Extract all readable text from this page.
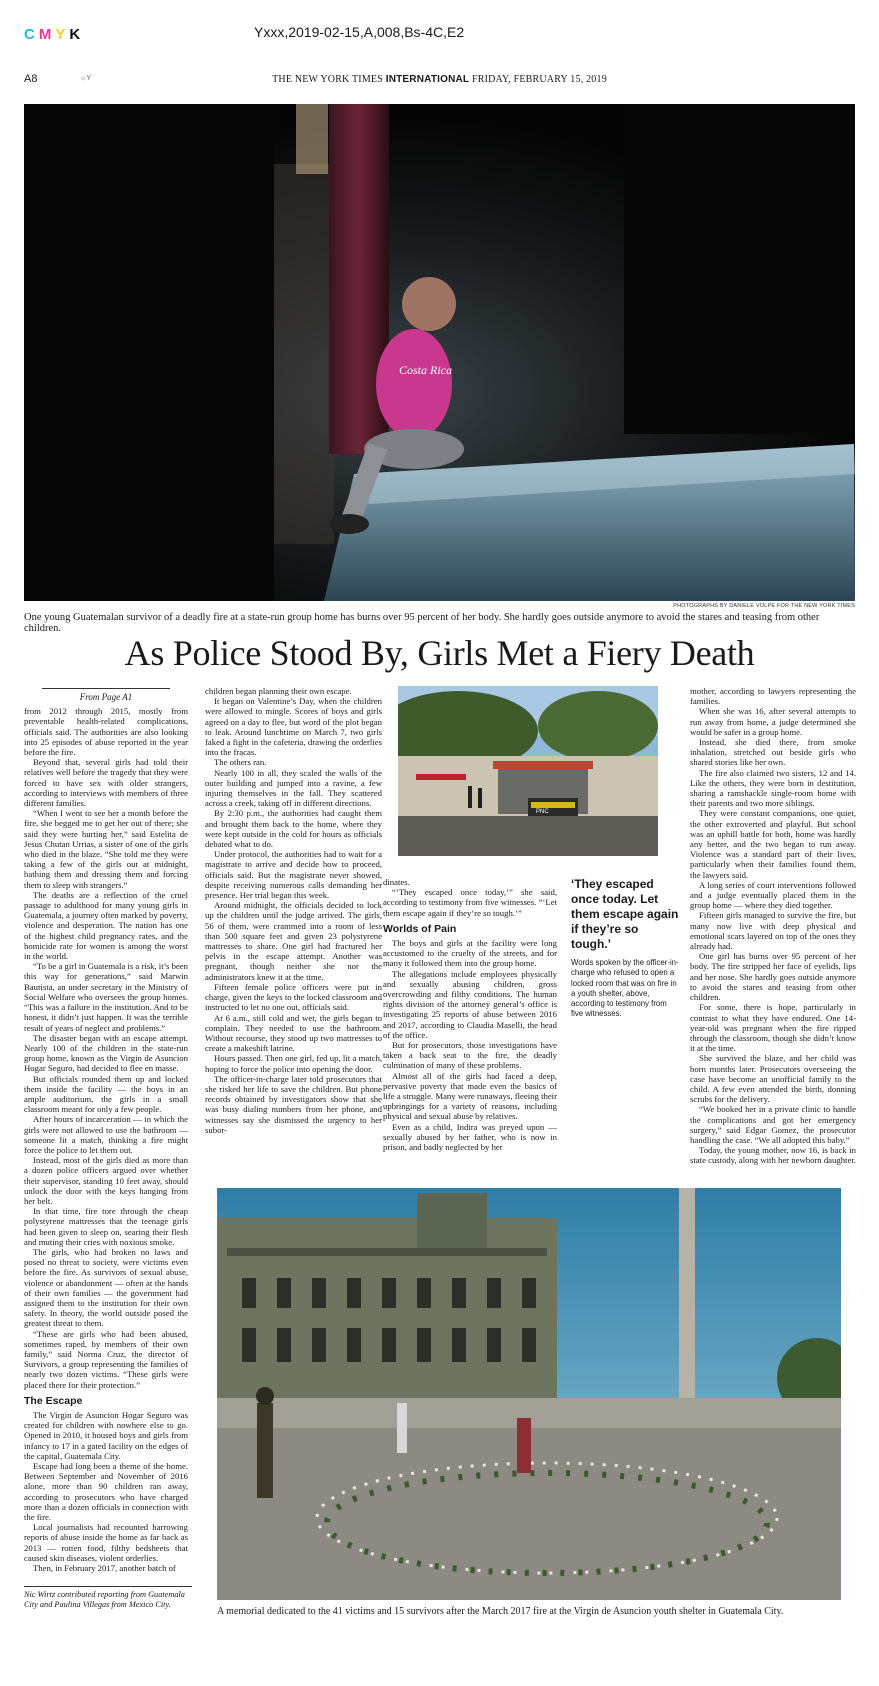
CMYK	Yxxx,2019-02-15,A,008,Bs-4C,E2
A8	☼Y	THE NEW YORK TIMES INTERNATIONAL FRIDAY, FEBRUARY 15, 2019
Costa Rica
PHOTOGRAPHS BY DANIELE VOLPE FOR THE NEW YORK TIMES
One young Guatemalan survivor of a deadly fire at a state-run group home has burns over 95 percent of her body. She hardly goes outside anymore to avoid the stares and teasing from other children.
As Police Stood By, Girls Met a Fiery Death
From Page A1

from 2012 through 2015, mostly from preventable health-related complications, officials said. The authorities are also looking into 25 episodes of abuse reported in the year before the fire.

Beyond that, several girls had told their relatives well before the tragedy that they were forced to have sex with older strangers, according to interviews with members of three different families.

“When I went to see her a month before the fire, she begged me to get her out of there; she said they were hurting her,” said Estelita de Jesus Chutan Urrias, a sister of one of the girls who died in the blaze. “She told me they were taking a few of the girls out at midnight, bathing them and dressing them and forcing them to sleep with strangers.”

The deaths are a reflection of the cruel passage to adulthood for many young girls in Guatemala, a journey often marked by poverty, violence and desperation. The nation has one of the highest child pregnancy rates, and the homicide rate for women is among the worst in the world.

“To be a girl in Guatemala is a risk, it’s been this way for generations,” said Marwin Bautista, an under secretary in the Ministry of Social Welfare who oversees the group homes. “This was a failure in the institution. And to be honest, it didn’t just happen. It was the terrible result of years of neglect and problems.”

The disaster began with an escape attempt. Nearly 100 of the children in the state-run group home, known as the Virgin de Asuncion Hogar Seguro, had decided to flee en masse.

But officials rounded them up and locked them inside the facility — the boys in an ample auditorium, the girls in a small classroom meant for only a few people.

After hours of incarceration — in which the girls were not allowed to use the bathroom — someone lit a match, thinking a fire might force the police to let them out.

Instead, most of the girls died as more than a dozen police officers argued over whether their supervisor, standing 10 feet away, should unlock the door with the keys hanging from her belt.

In that time, fire tore through the cheap polystyrene mattresses that the teenage girls had been given to sleep on, searing their flesh and muting their cries with noxious smoke.

The girls, who had broken no laws and posed no threat to society, were victims even before the fire. As survivors of sexual abuse, violence or abandonment — often at the hands of their own families — the government had assigned them to the institution for their own safety. In theory, the world outside posed the greatest threat to them.

“These are girls who had been abused, sometimes raped, by members of their own family,” said Norma Cruz, the director of Survivors, a group representing the families of nearly two dozen victims. “These girls were placed there for their protection.”

The Escape

The Virgin de Asuncion Hogar Seguro was created for children with nowhere else to go. Opened in 2010, it housed boys and girls from infancy to 17 in a gated facility on the edges of the capital, Guatemala City.

Escape had long been a theme of the home. Between September and November of 2016 alone, more than 90 children ran away, according to prosecutors who have charged more than a dozen officials in connection with the fire.

Local journalists had recounted harrowing reports of abuse inside the home as far back as 2013 — rotten food, filthy bedsheets that caused skin diseases, violent orderlies.

Then, in February 2017, another batch of

Nic Wirtz contributed reporting from Guatemala City and Paulina Villegas from Mexico City.

children began planning their own escape.

It began on Valentine’s Day, when the children were allowed to mingle. Scores of boys and girls agreed on a day to flee, but word of the plot began to leak. Around lunchtime on March 7, two girls faked a fight in the cafeteria, drawing the orderlies into the fracas.

The others ran.

Nearly 100 in all, they scaled the walls of the outer building and jumped into a ravine, a few injuring themselves in the fall. They scattered across a creek, taking off in different directions.

By 2:30 p.m., the authorities had caught them and brought them back to the home, where they were kept outside in the cold for hours as officials debated what to do.

Under protocol, the authorities had to wait for a magistrate to arrive and decide how to proceed, officials said. But the magistrate never showed, despite receiving numerous calls demanding her presence. Her trial began this week.

Around midnight, the officials decided to lock up the children until the judge arrived. The girls, 56 of them, were crammed into a room of less than 500 square feet and given 23 polystyrene mattresses to share. One girl had fractured her pelvis in the escape attempt. Another was pregnant, though neither she nor the administrators knew it at the time.

Fifteen female police officers were put in charge, given the keys to the locked classroom and instructed to let no one out, officials said.

At 6 a.m., still cold and wet, the girls began to complain. They needed to use the bathroom. Without recourse, they stood up two mattresses to create a makeshift latrine.

Hours passed. Then one girl, fed up, lit a match, hoping to force the police into opening the door.

The officer-in-charge later told prosecutors that she risked her life to save the children. But phone records obtained by investigators show that she was busy dialing numbers from her phone, and witnesses say she dismissed the urgency to her subor-

PNC

dinates.

“‘They escaped once today,’” she said, according to testimony from five witnesses. “‘Let them escape again if they’re so tough.’”

Worlds of Pain

The boys and girls at the facility were long accustomed to the cruelty of the streets, and for many it followed them into the group home.

The allegations include employees physically and sexually abusing children, gross overcrowding and filthy conditions. The human rights division of the attorney general’s office is investigating 25 reports of abuse between 2016 and 2017, according to Claudia Maselli, the head of the office.

But for prosecutors, those investigations have taken a back seat to the fire, the deadly culmination of many of these problems.

Almost all of the girls had faced a deep, pervasive poverty that made even the basics of life a struggle. Many were runaways, fleeing their upbringings for a variety of reasons, including physical and sexual abuse by relatives.

Even as a child, Indira was preyed upon — sexually abused by her father, who is now in prison, and badly neglected by her

‘They escaped once today. Let them escape again if they’re so tough.’
Words spoken by the officer-in-charge who refused to open a locked room that was on fire in a youth shelter, above, according to testimony from five witnesses.

mother, according to lawyers representing the families.

When she was 16, after several attempts to run away from home, a judge determined she would be safer in a group home.

Instead, she died there, from smoke inhalation, stretched out beside girls who shared stories like her own.

The fire also claimed two sisters, 12 and 14. Like the others, they were born in destitution, sharing a ramshackle single-room home with their parents and two more siblings.

They were constant companions, one quiet, the other extroverted and playful. But school was an uphill battle for both, home was hardly any better, and the two began to run away. Violence was a standard part of their lives, particularly when their families found them, the lawyers said.

A long series of court interventions followed and a judge eventually placed them in the group home — where they died together.

Fifteen girls managed to survive the fire, but many now live with deep physical and emotional scars layered on top of the ones they already had.

One girl has burns over 95 percent of her body. The fire stripped her face of eyelids, lips and her nose. She hardly goes outside anymore to avoid the stares and teasing from other children.

For some, there is hope, particularly in contrast to what they have endured. One 14-year-old was pregnant when the fire ripped through the classroom, though she didn’t know it at the time.

She survived the blaze, and her child was born months later. Prosecutors overseeing the case have become an unofficial family to the child. A few even attended the birth, donning scrubs for the delivery.

“We booked her in a private clinic to handle the complications and got her emergency surgery,” said Edgar Gomez, the prosecutor handling the case. “We all adopted this baby.”

Today, the young mother, now 16, is back in state custody, along with her newborn daughter.

A memorial dedicated to the 41 victims and 15 survivors after the March 2017 fire at the Virgin de Asuncion youth shelter in Guatemala City.
